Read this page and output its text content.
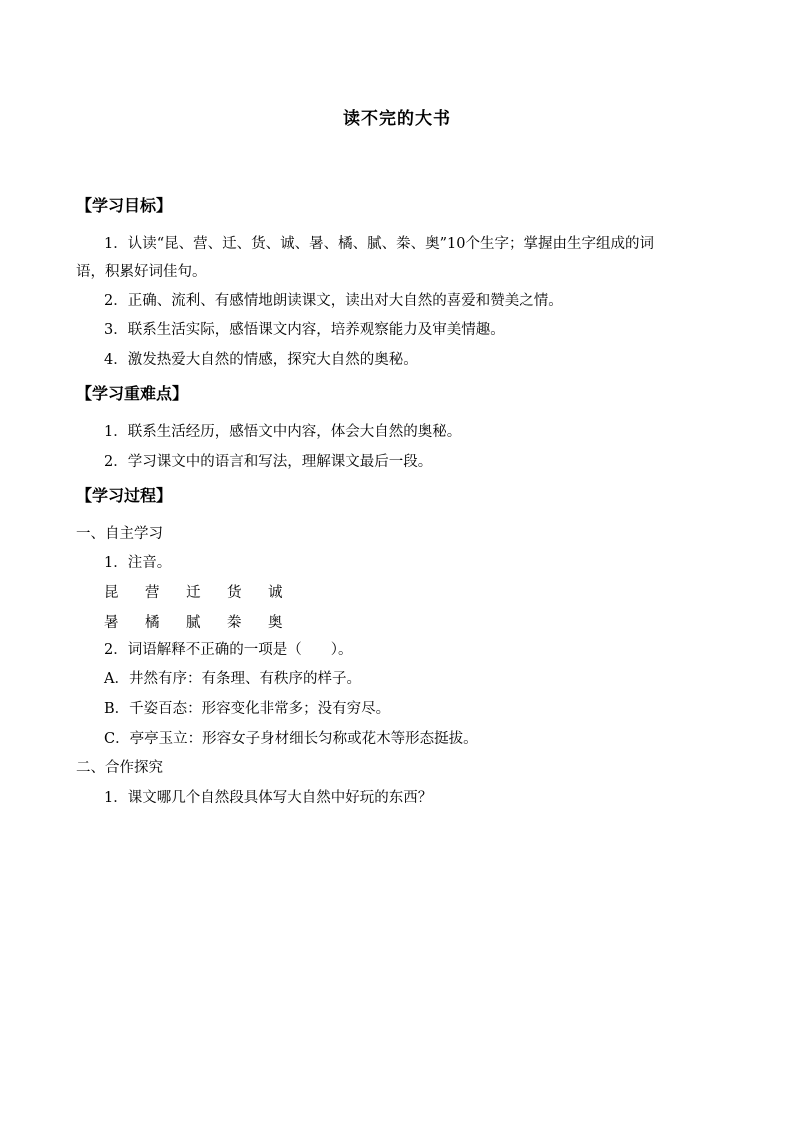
读不完的大书
【学习目标】
1．认读“昆、营、迁、货、诚、暑、橘、腻、桊、奥”10个生字；掌握由生字组成的词
语，积累好词佳句。
2．正确、流利、有感情地朗读课文，读出对大自然的喜爱和赞美之情。
3．联系生活实际，感悟课文内容，培养观察能力及审美情趣。
4．激发热爱大自然的情感，探究大自然的奥秘。
【学习重难点】
1．联系生活经历，感悟文中内容，体会大自然的奥秘。
2．学习课文中的语言和写法，理解课文最后一段。
【学习过程】
一、自主学习
1．注音。
昆 营 迁 货 诚
暑 橘 腻 桊 奥
2．词语解释不正确的一项是（　　）。
A．井然有序：有条理、有秩序的样子。
B．千姿百态：形容变化非常多；没有穷尽。
C．亭亭玉立：形容女子身材细长匀称或花木等形态挺拔。
二、合作探究
1．课文哪几个自然段具体写大自然中好玩的东西？
